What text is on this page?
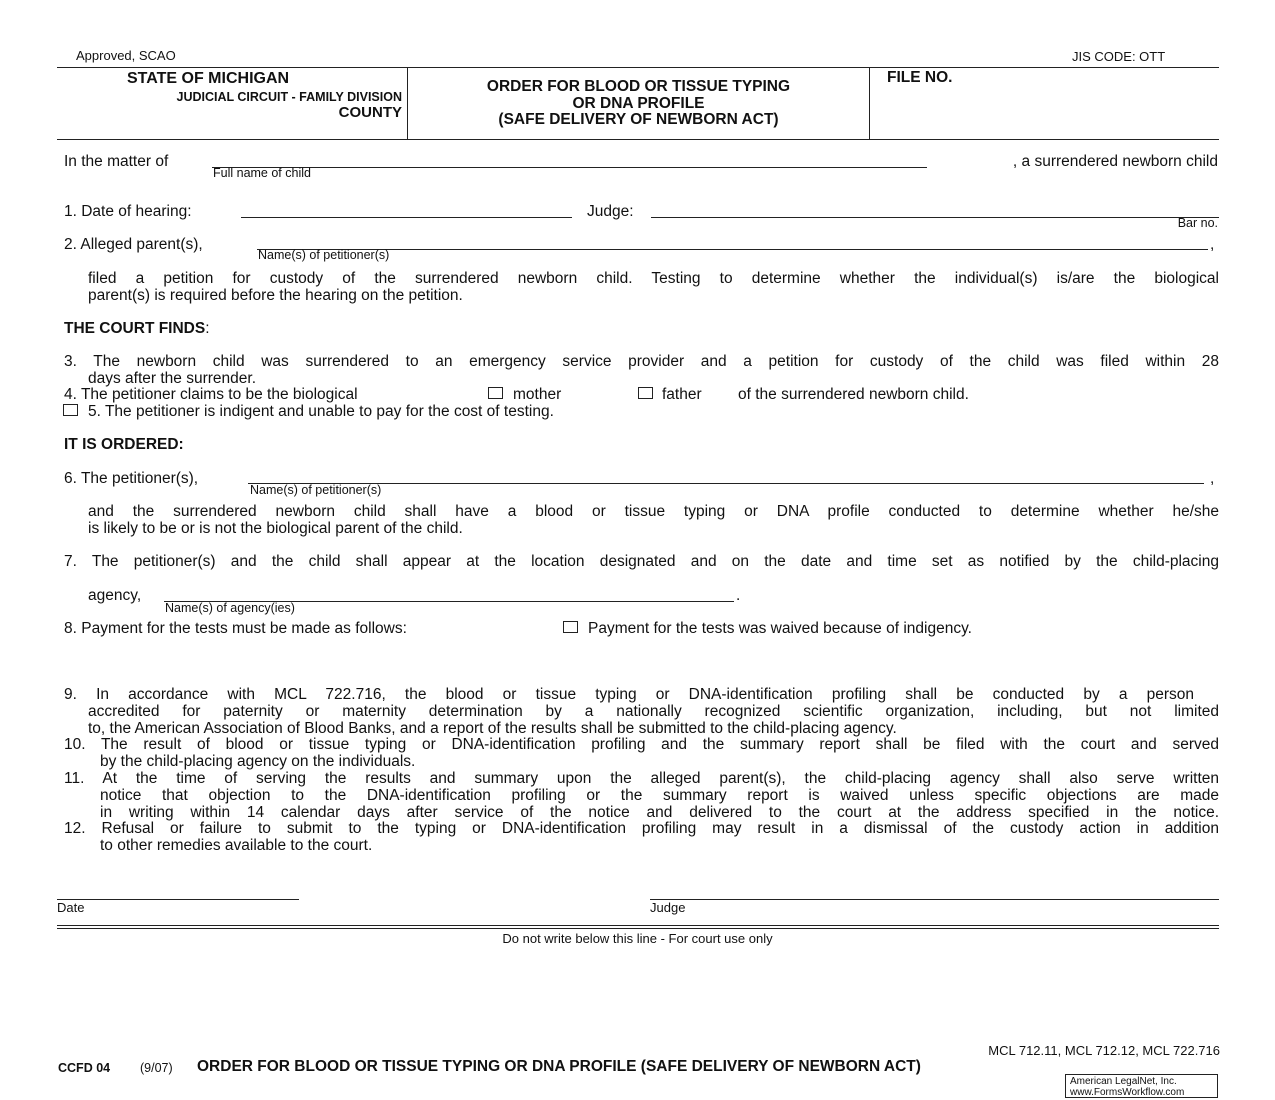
Approved, SCAO	JIS CODE: OTT
STATE OF MICHIGAN
JUDICIAL CIRCUIT - FAMILY DIVISION
COUNTY
ORDER FOR BLOOD OR TISSUE TYPING
OR DNA PROFILE
(SAFE DELIVERY OF NEWBORN ACT)
FILE NO.
In the matter of
Full name of child
, a surrendered newborn child
1. Date of hearing:	Judge:
Bar no.
2. Alleged parent(s),
Name(s) of petitioner(s)
,
filed a petition for custody of the surrendered newborn child. Testing to determine whether the individual(s) is/are the biological
parent(s) is required before the hearing on the petition.
THE COURT FINDS:
3. The newborn child was surrendered to an emergency service provider and a petition for custody of the child was filed within 28
days after the surrender.
4. The petitioner claims to be the biological	mother	father of the surrendered newborn child.
5. The petitioner is indigent and unable to pay for the cost of testing.
IT IS ORDERED:
6. The petitioner(s),
Name(s) of petitioner(s)
,
and the surrendered newborn child shall have a blood or tissue typing or DNA profile conducted to determine whether he/she
is likely to be or is not the biological parent of the child.
7. The petitioner(s) and the child shall appear at the location designated and on the date and time set as notified by the child-placing
agency,
Name(s) of agency(ies)
.
8. Payment for the tests must be made as follows:	Payment for the tests was waived because of indigency.
9. In accordance with MCL 722.716, the blood or tissue typing or DNA-identification profiling shall be conducted by a person
accredited for paternity or maternity determination by a nationally recognized scientific organization, including, but not limited
to, the American Association of Blood Banks, and a report of the results shall be submitted to the child-placing agency.
10. The result of blood or tissue typing or DNA-identification profiling and the summary report shall be filed with the court and served
by the child-placing agency on the individuals.
11. At the time of serving the results and summary upon the alleged parent(s), the child-placing agency shall also serve written
notice that objection to the DNA-identification profiling or the summary report is waived unless specific objections are made
in writing within 14 calendar days after service of the notice and delivered to the court at the address specified in the notice.
12. Refusal or failure to submit to the typing or DNA-identification profiling may result in a dismissal of the custody action in addition
to other remedies available to the court.
Date	Judge
Do not write below this line - For court use only
MCL 712.11, MCL 712.12, MCL 722.716
CCFD 04 (9/07) ORDER FOR BLOOD OR TISSUE TYPING OR DNA PROFILE (SAFE DELIVERY OF NEWBORN ACT)
American LegalNet, Inc.
www.FormsWorkflow.com
